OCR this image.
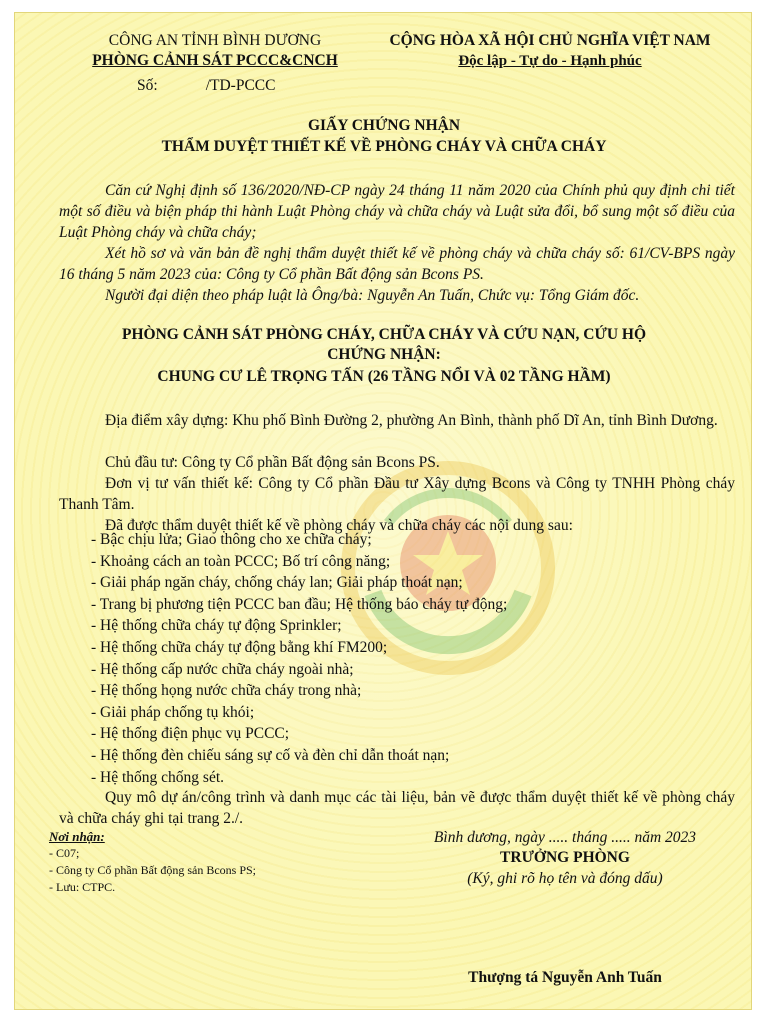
CÔNG AN TỈNH BÌNH DƯƠNG
PHÒNG CẢNH SÁT PCCC&CNCH
Số:	/TD-PCCC
CỘNG HÒA XÃ HỘI CHỦ NGHĨA VIỆT NAM
Độc lập - Tự do - Hạnh phúc
GIẤY CHỨNG NHẬN
THẨM DUYỆT THIẾT KẾ VỀ PHÒNG CHÁY VÀ CHỮA CHÁY
Căn cứ Nghị định số 136/2020/NĐ-CP ngày 24 tháng 11 năm 2020 của Chính phủ quy định chi tiết một số điều và biện pháp thi hành Luật Phòng cháy và chữa cháy và Luật sửa đổi, bổ sung một số điều của Luật Phòng cháy và chữa cháy;
Xét hồ sơ và văn bản đề nghị thẩm duyệt thiết kế về phòng cháy và chữa cháy số: 61/CV-BPS ngày 16 tháng 5 năm 2023 của: Công ty Cổ phần Bất động sản Bcons PS.
Người đại diện theo pháp luật là Ông/bà: Nguyễn An Tuấn, Chức vụ: Tổng Giám đốc.
PHÒNG CẢNH SÁT PHÒNG CHÁY, CHỮA CHÁY VÀ CỨU NẠN, CỨU HỘ
CHỨNG NHẬN:
CHUNG CƯ LÊ TRỌNG TẤN (26 TẦNG NỔI VÀ 02 TẦNG HẦM)
Địa điểm xây dựng: Khu phố Bình Đường 2, phường An Bình, thành phố Dĩ An, tỉnh Bình Dương.
Chủ đầu tư: Công ty Cổ phần Bất động sản Bcons PS.
Đơn vị tư vấn thiết kế: Công ty Cổ phần Đầu tư Xây dựng Bcons và Công ty TNHH Phòng cháy Thanh Tâm.
Đã được thẩm duyệt thiết kế về phòng cháy và chữa cháy các nội dung sau:
- Bậc chịu lửa; Giao thông cho xe chữa cháy;
- Khoảng cách an toàn PCCC; Bố trí công năng;
- Giải pháp ngăn cháy, chống cháy lan; Giải pháp thoát nạn;
- Trang bị phương tiện PCCC ban đầu; Hệ thống báo cháy tự động;
- Hệ thống chữa cháy tự động Sprinkler;
- Hệ thống chữa cháy tự động bằng khí FM200;
- Hệ thống cấp nước chữa cháy ngoài nhà;
- Hệ thống họng nước chữa cháy trong nhà;
- Giải pháp chống tụ khói;
- Hệ thống điện phục vụ PCCC;
- Hệ thống đèn chiếu sáng sự cố và đèn chỉ dẫn thoát nạn;
- Hệ thống chống sét.
Quy mô dự án/công trình và danh mục các tài liệu, bản vẽ được thẩm duyệt thiết kế về phòng cháy và chữa cháy ghi tại trang 2./.
Nơi nhận:
- C07;
- Công ty Cổ phần Bất động sản Bcons PS;
- Lưu: CTPC.
Bình dương, ngày ..... tháng ..... năm 2023
TRƯỞNG PHÒNG
(Ký, ghi rõ họ tên và đóng dấu)
Thượng tá Nguyễn Anh Tuấn
